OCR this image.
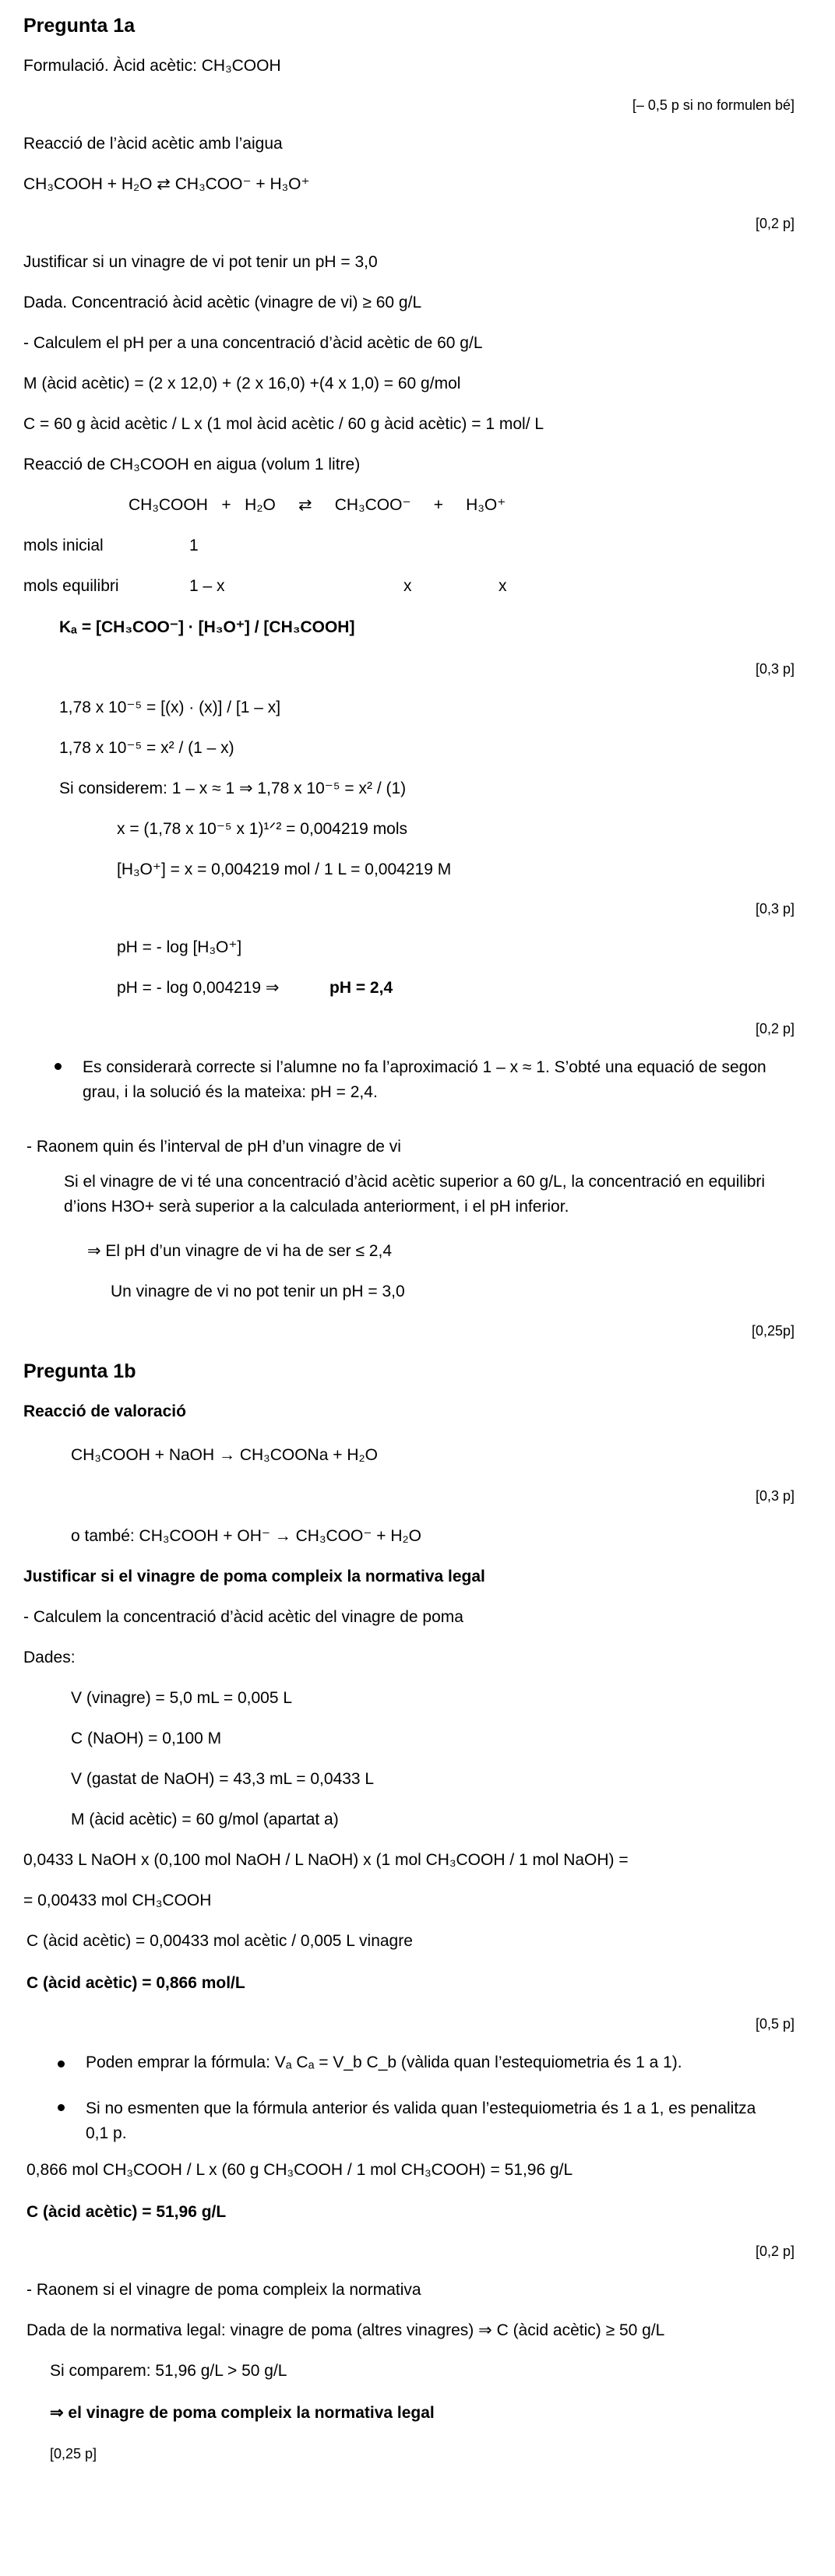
Pregunta 1a
Formulació. Àcid acètic: CH₃COOH
[– 0,5 p si no formulen bé]
Reacció de l’àcid acètic amb l’aigua
CH₃COOH + H₂O ⇄ CH₃COO⁻ + H₃O⁺
[0,2 p]
Justificar si un vinagre de vi pot tenir un pH = 3,0
Dada. Concentració àcid acètic (vinagre de vi) ≥ 60 g/L
- Calculem el pH per a una concentració d’àcid acètic de 60 g/L
M (àcid acètic) = (2 x 12,0) + (2 x 16,0) +(4 x 1,0) = 60 g/mol
C = 60 g àcid acètic / L x (1 mol àcid acètic / 60 g àcid acètic) = 1 mol/ L
Reacció de CH₃COOH en aigua (volum 1 litre)
CH₃COOH   +   H₂O     ⇄     CH₃COO⁻     +     H₃O⁺
mols inicial	1
mols equilibri	1 – x	x	x
Kₐ = [CH₃COO⁻] · [H₃O⁺] / [CH₃COOH]
[0,3 p]
1,78 x 10⁻⁵ = [(x) · (x)] / [1 – x]
1,78 x 10⁻⁵ = x² / (1 – x)
Si considerem: 1 – x ≈ 1 ⇒ 1,78 x 10⁻⁵ = x² / (1)
x = (1,78 x 10⁻⁵ x 1)¹ᐟ² = 0,004219 mols
[H₃O⁺] = x = 0,004219 mol / 1 L = 0,004219 M
[0,3 p]
pH = - log [H₃O⁺]
pH = - log 0,004219 ⇒	pH = 2,4
[0,2 p]
Es considerarà correcte si l’alumne no fa l’aproximació 1 – x ≈ 1. S’obté una equació de segon grau, i la solució és la mateixa: pH = 2,4.
- Raonem quin és l’interval de pH d’un vinagre de vi
Si el vinagre de vi té una concentració d’àcid acètic superior a 60 g/L, la concentració en equilibri d’ions H3O+ serà superior a la calculada anteriorment, i el pH inferior.
⇒ El pH d’un vinagre de vi ha de ser ≤ 2,4
Un vinagre de vi no pot tenir un pH = 3,0
[0,25p]
Pregunta 1b
Reacció de valoració
CH₃COOH + NaOH → CH₃COONa + H₂O
[0,3 p]
o també: CH₃COOH + OH⁻ → CH₃COO⁻ + H₂O
Justificar si el vinagre de poma compleix la normativa legal
- Calculem la concentració d’àcid acètic del vinagre de poma
Dades:
V (vinagre) = 5,0 mL = 0,005 L
C (NaOH) = 0,100 M
V (gastat de NaOH) = 43,3 mL = 0,0433 L
M (àcid acètic) = 60 g/mol (apartat a)
0,0433 L NaOH x (0,100 mol NaOH / L NaOH) x (1 mol CH₃COOH / 1 mol NaOH) =
= 0,00433 mol CH₃COOH
C (àcid acètic) = 0,00433 mol acètic / 0,005 L vinagre
C (àcid acètic) = 0,866 mol/L
[0,5 p]
Poden emprar la fórmula: Vₐ Cₐ = V_b C_b (vàlida quan l’estequiometria és 1 a 1).
Si no esmenten que la fórmula anterior és valida quan l’estequiometria és 1 a 1, es penalitza 0,1 p.
0,866 mol CH₃COOH / L x (60 g CH₃COOH / 1 mol CH₃COOH) = 51,96 g/L
C (àcid acètic) = 51,96 g/L
[0,2 p]
- Raonem si el vinagre de poma compleix la normativa
Dada de la normativa legal: vinagre de poma (altres vinagres) ⇒ C (àcid acètic) ≥ 50 g/L
Si comparem: 51,96 g/L > 50 g/L
⇒ el vinagre de poma compleix la normativa legal
[0,25 p]
